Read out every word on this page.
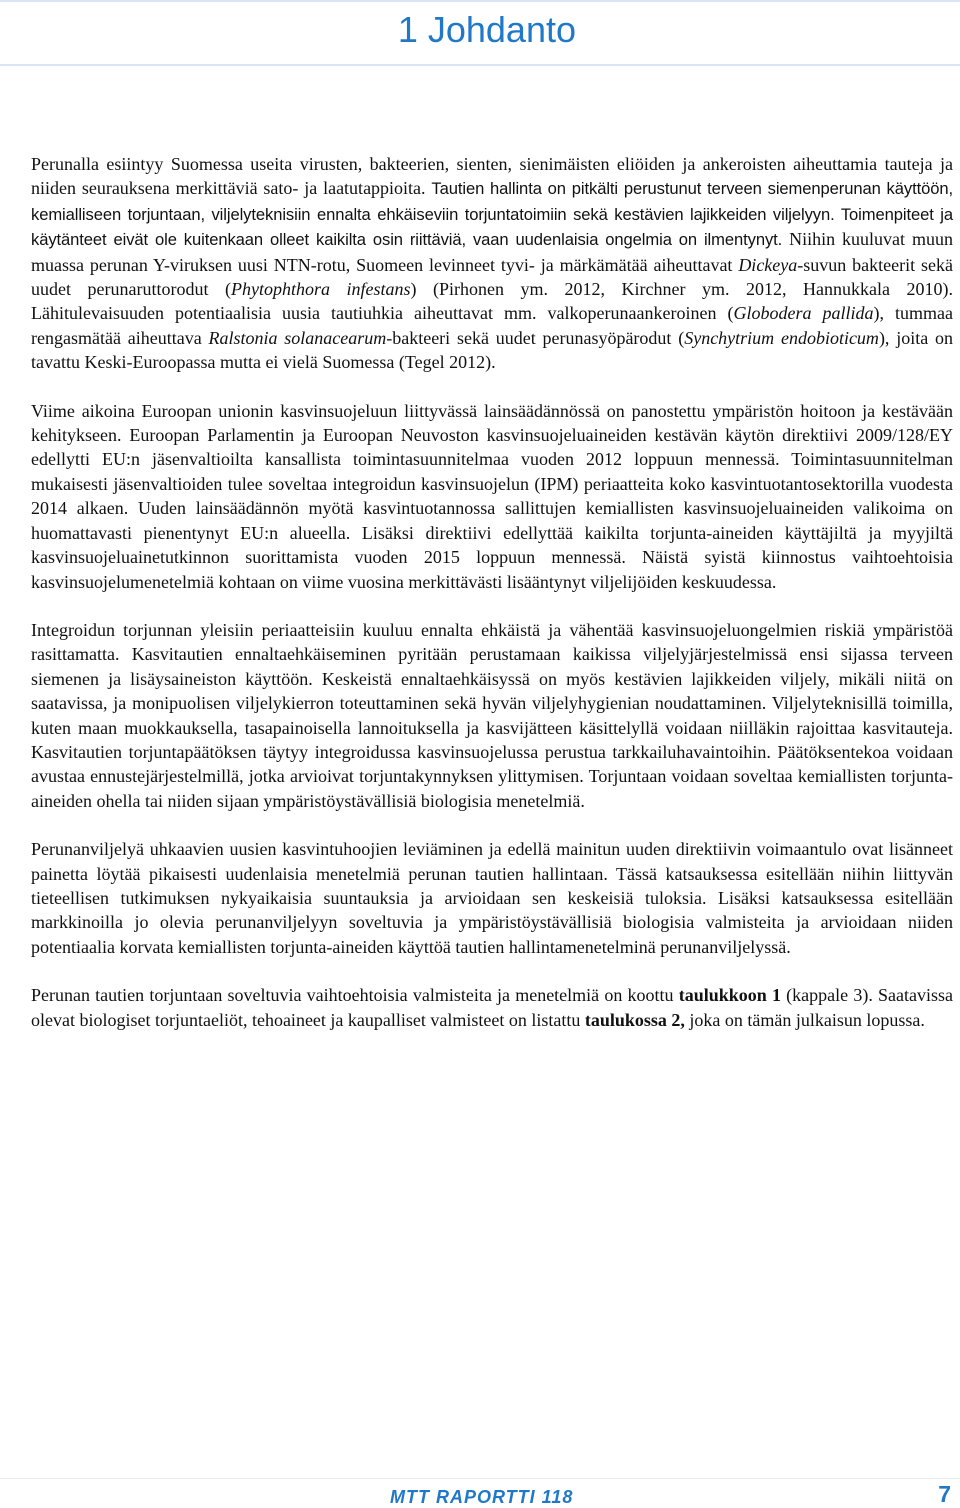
1 Johdanto

Perunalla esiintyy Suomessa useita virusten, bakteerien, sienten, sienimäisten eliöiden ja ankeroisten aiheuttamia tauteja ja niiden seurauksena merkittäviä sato- ja laatutappioita. Tautien hallinta on pitkälti perustunut terveen siemenperunan käyttöön, kemialliseen torjuntaan, viljelyteknisiin ennalta ehkäiseviin torjuntatoimiin sekä kestävien lajikkeiden viljelyyn. Toimenpiteet ja käytänteet eivät ole kuitenkaan olleet kaikilta osin riittäviä, vaan uudenlaisia ongelmia on ilmentynyt. Niihin kuuluvat muun muassa perunan Y-viruksen uusi NTN-rotu, Suomeen levinneet tyvi- ja märkämätää aiheuttavat Dickeya-suvun bakteerit sekä uudet perunaruttorodut (Phytophthora infestans) (Pirhonen ym. 2012, Kirchner ym. 2012, Hannukkala 2010). Lähitulevaisuuden potentiaalisia uusia tautiuhkia aiheuttavat mm. valkoperunaankeroinen (Globodera pallida), tummaa rengasmätää aiheuttava Ralstonia solanacearum-bakteeri sekä uudet perunasyöpärodut (Synchytrium endobioticum), joita on tavattu Keski-Euroopassa mutta ei vielä Suomessa (Tegel 2012).

Viime aikoina Euroopan unionin kasvinsuojeluun liittyvässä lainsäädännössä on panostettu ympäristön hoitoon ja kestävään kehitykseen. Euroopan Parlamentin ja Euroopan Neuvoston kasvinsuojeluaineiden kestävän käytön direktiivi 2009/128/EY edellytti EU:n jäsenvaltioilta kansallista toimintasuunnitelmaa vuoden 2012 loppuun mennessä. Toimintasuunnitelman mukaisesti jäsenvaltioiden tulee soveltaa integroidun kasvinsuojelun (IPM) periaatteita koko kasvintuotantosektorilla vuodesta 2014 alkaen. Uuden lainsäädännön myötä kasvintuotannossa sallittujen kemiallisten kasvinsuojeluaineiden valikoima on huomattavasti pienentynyt EU:n alueella. Lisäksi direktiivi edellyttää kaikilta torjunta-aineiden käyttäjiltä ja myyjiltä kasvinsuojeluainetutkinnon suorittamista vuoden 2015 loppuun mennessä. Näistä syistä kiinnostus vaihtoehtoisia kasvinsuojelumenetelmiä kohtaan on viime vuosina merkittävästi lisääntynyt viljelijöiden keskuudessa.

Integroidun torjunnan yleisiin periaatteisiin kuuluu ennalta ehkäistä ja vähentää kasvinsuojeluongelmien riskiä ympäristöä rasittamatta. Kasvitautien ennaltaehkäiseminen pyritään perustamaan kaikissa viljelyjärjestelmissä ensi sijassa terveen siemenen ja lisäysaineiston käyttöön. Keskeistä ennaltaehkäisyssä on myös kestävien lajikkeiden viljely, mikäli niitä on saatavissa, ja monipuolisen viljelykierron toteuttaminen sekä hyvän viljelyhygienian noudattaminen. Viljelyteknisillä toimilla, kuten maan muokkauksella, tasapainoisella lannoituksella ja kasvijätteen käsittelyllä voidaan niilläkin rajoittaa kasvitauteja. Kasvitautien torjuntapäätöksen täytyy integroidussa kasvinsuojelussa perustua tarkkailuhavaintoihin. Päätöksentekoa voidaan avustaa ennustejärjestelmillä, jotka arvioivat torjuntakynnyksen ylittymisen. Torjuntaan voidaan soveltaa kemiallisten torjunta-aineiden ohella tai niiden sijaan ympäristöystävällisiä biologisia menetelmiä.

Perunanviljelyä uhkaavien uusien kasvintuhoojien leviäminen ja edellä mainitun uuden direktiivin voimaantulo ovat lisänneet painetta löytää pikaisesti uudenlaisia menetelmiä perunan tautien hallintaan. Tässä katsauksessa esitellään niihin liittyvän tieteellisen tutkimuksen nykyaikaisia suuntauksia ja arvioidaan sen keskeisiä tuloksia. Lisäksi katsauksessa esitellään markkinoilla jo olevia perunanviljelyyn soveltuvia ja ympäristöystävällisiä biologisia valmisteita ja arvioidaan niiden potentiaalia korvata kemiallisten torjunta-aineiden käyttöä tautien hallintamenetelminä perunanviljelyssä.

Perunan tautien torjuntaan soveltuvia vaihtoehtoisia valmisteita ja menetelmiä on koottu taulukkoon 1 (kappale 3). Saatavissa olevat biologiset torjuntaeliöt, tehoaineet ja kaupalliset valmisteet on listattu taulukossa 2, joka on tämän julkaisun lopussa.

MTT RAPORTTI 118	7
